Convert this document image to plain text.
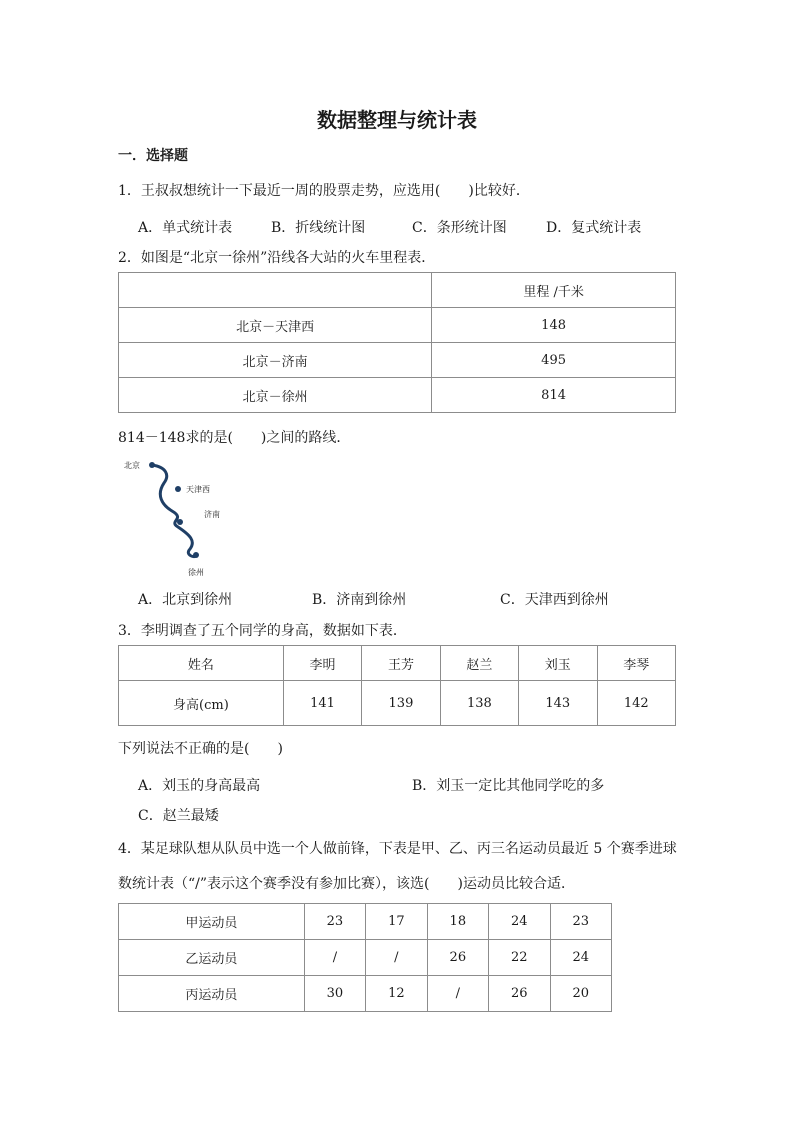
数据整理与统计表
一．选择题
1．王叔叔想统计一下最近一周的股票走势，应选用(　　)比较好．
A．单式统计表	B．折线统计图	C．条形统计图	D．复式统计表
2．如图是“北京一徐州”沿线各大站的火车里程表．
	里程 /千米
北京－天津西	148
北京－济南	495
北京－徐州	814
814－148求的是(　　)之间的路线．
北京
天津西
济南
徐州
A．北京到徐州	B．济南到徐州	C．天津西到徐州
3．李明调查了五个同学的身高，数据如下表．
姓名	李明	王芳	赵兰	刘玉	李琴
身高(cm)	141	139	138	143	142
下列说法不正确的是(　　)
A．刘玉的身高最高	B．刘玉一定比其他同学吃的多
C．赵兰最矮
4．某足球队想从队员中选一个人做前锋，下表是甲、乙、丙三名运动员最近 5 个赛季进球
数统计表（“/”表示这个赛季没有参加比赛），该选(　　)运动员比较合适．
甲运动员	23	17	18	24	23
乙运动员	/	/	26	22	24
丙运动员	30	12	/	26	20
